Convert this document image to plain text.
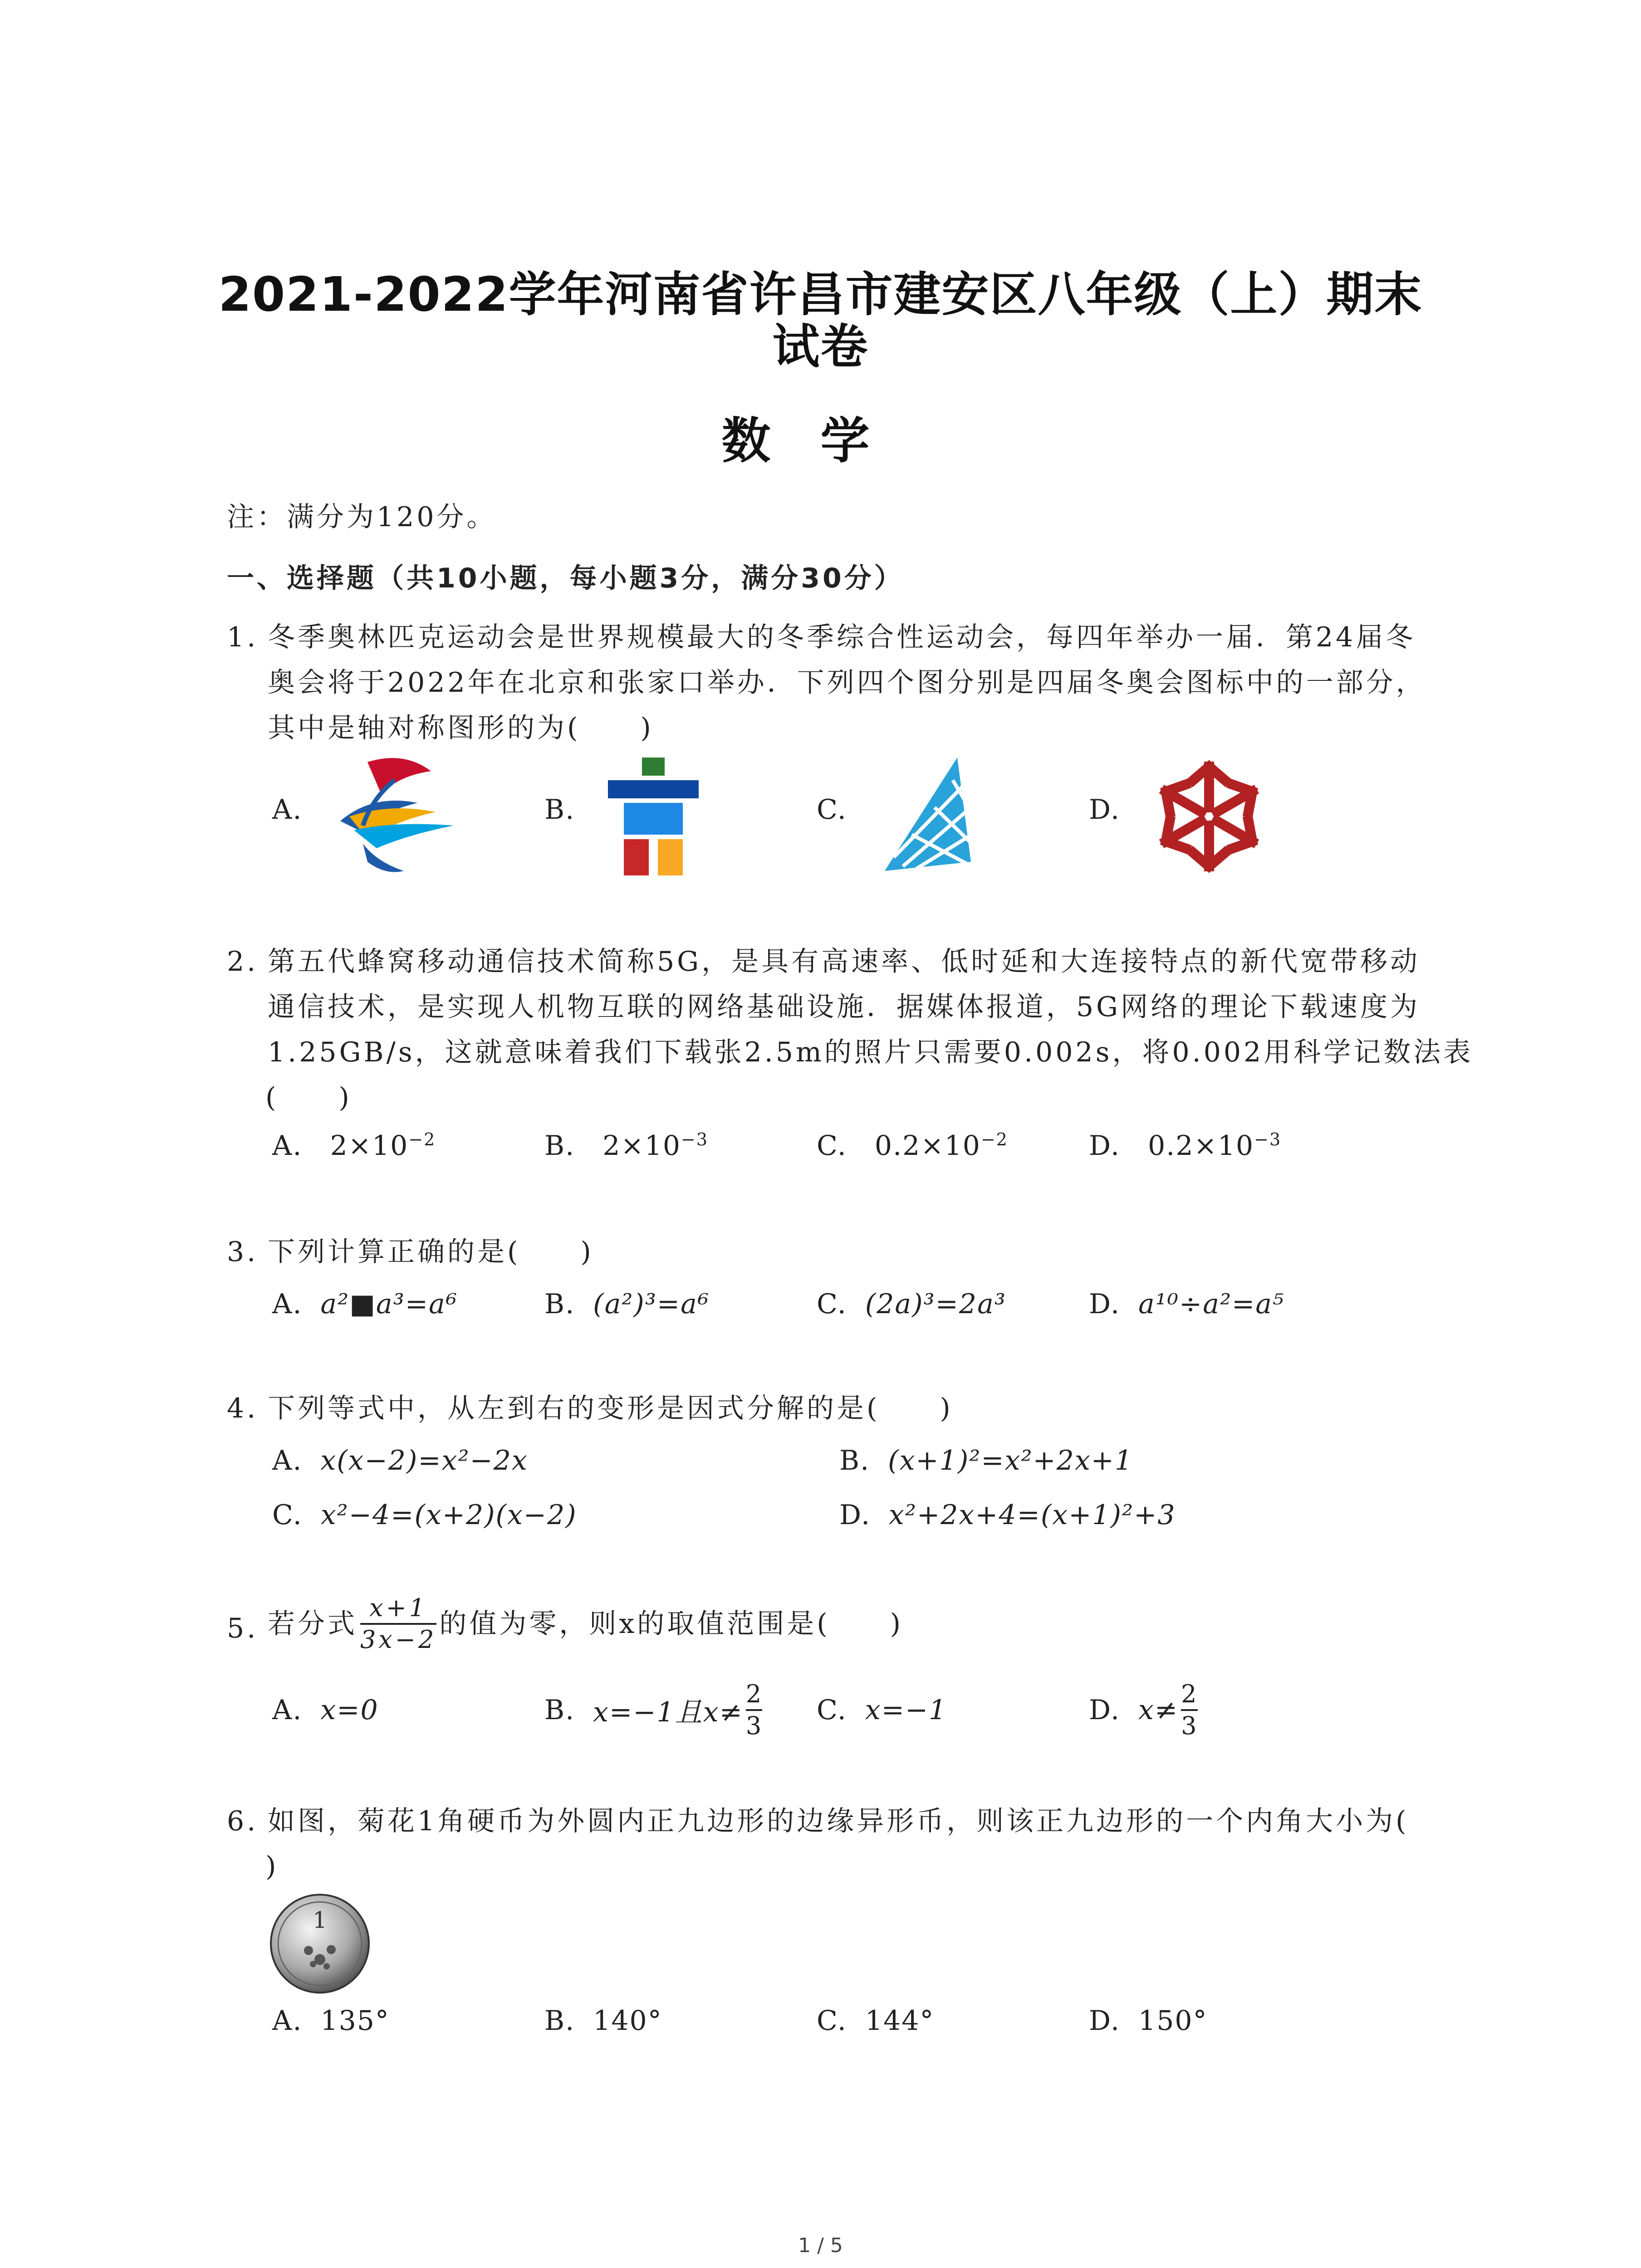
2021-2022学年河南省许昌市建安区八年级（上）期末
试卷
数学
注：满分为120分。
一、选择题（共10小题，每小题3分，满分30分）
1. 冬季奥林匹克运动会是世界规模最大的冬季综合性运动会，每四年举办一届．第24届冬
奥会将于2022年在北京和张家口举办．下列四个图分别是四届冬奥会图标中的一部分，
其中是轴对称图形的为(　　)
A.	B.	C.	D.
2. 第五代蜂窝移动通信技术简称5G，是具有高速率、低时延和大连接特点的新代宽带移动
通信技术，是实现人机物互联的网络基础设施．据媒体报道，5G网络的理论下载速度为
1.25GB/s，这就意味着我们下载张2.5m的照片只需要0.002s，将0.002用科学记数法表
(　　)
A. $2\times 10^{-2}$	B. $2\times 10^{-3}$	C. $0.2\times 10^{-2}$	D. $0.2\times 10^{-3}$
3. 下列计算正确的是(　　)
A. a²■a³=a⁶	B. (a²)³=a⁶	C. (2a)³=2a³	D. a¹⁰÷a²=a⁵
4. 下列等式中，从左到右的变形是因式分解的是(　　)
A. x(x−2)=x²−2x	B. (x+1)²=x²+2x+1
C. x²−4=(x+2)(x−2)	D. x²+2x+4=(x+1)²+3
5. 若分式 $\frac{x+1}{3x-2}$ 的值为零，则x的取值范围是(　　)
A. x=0	B. x=−1且$x\ne \frac{2}{3} C$. x=−1	D. $x\ne \frac{2}{3}$
6. 如图，菊花1角硬币为外圆内正九边形的边缘异形币，则该正九边形的一个内角大小为(
)
1
A. 135°	B. 140°	C. 144°	D. 150°
1 / 5
